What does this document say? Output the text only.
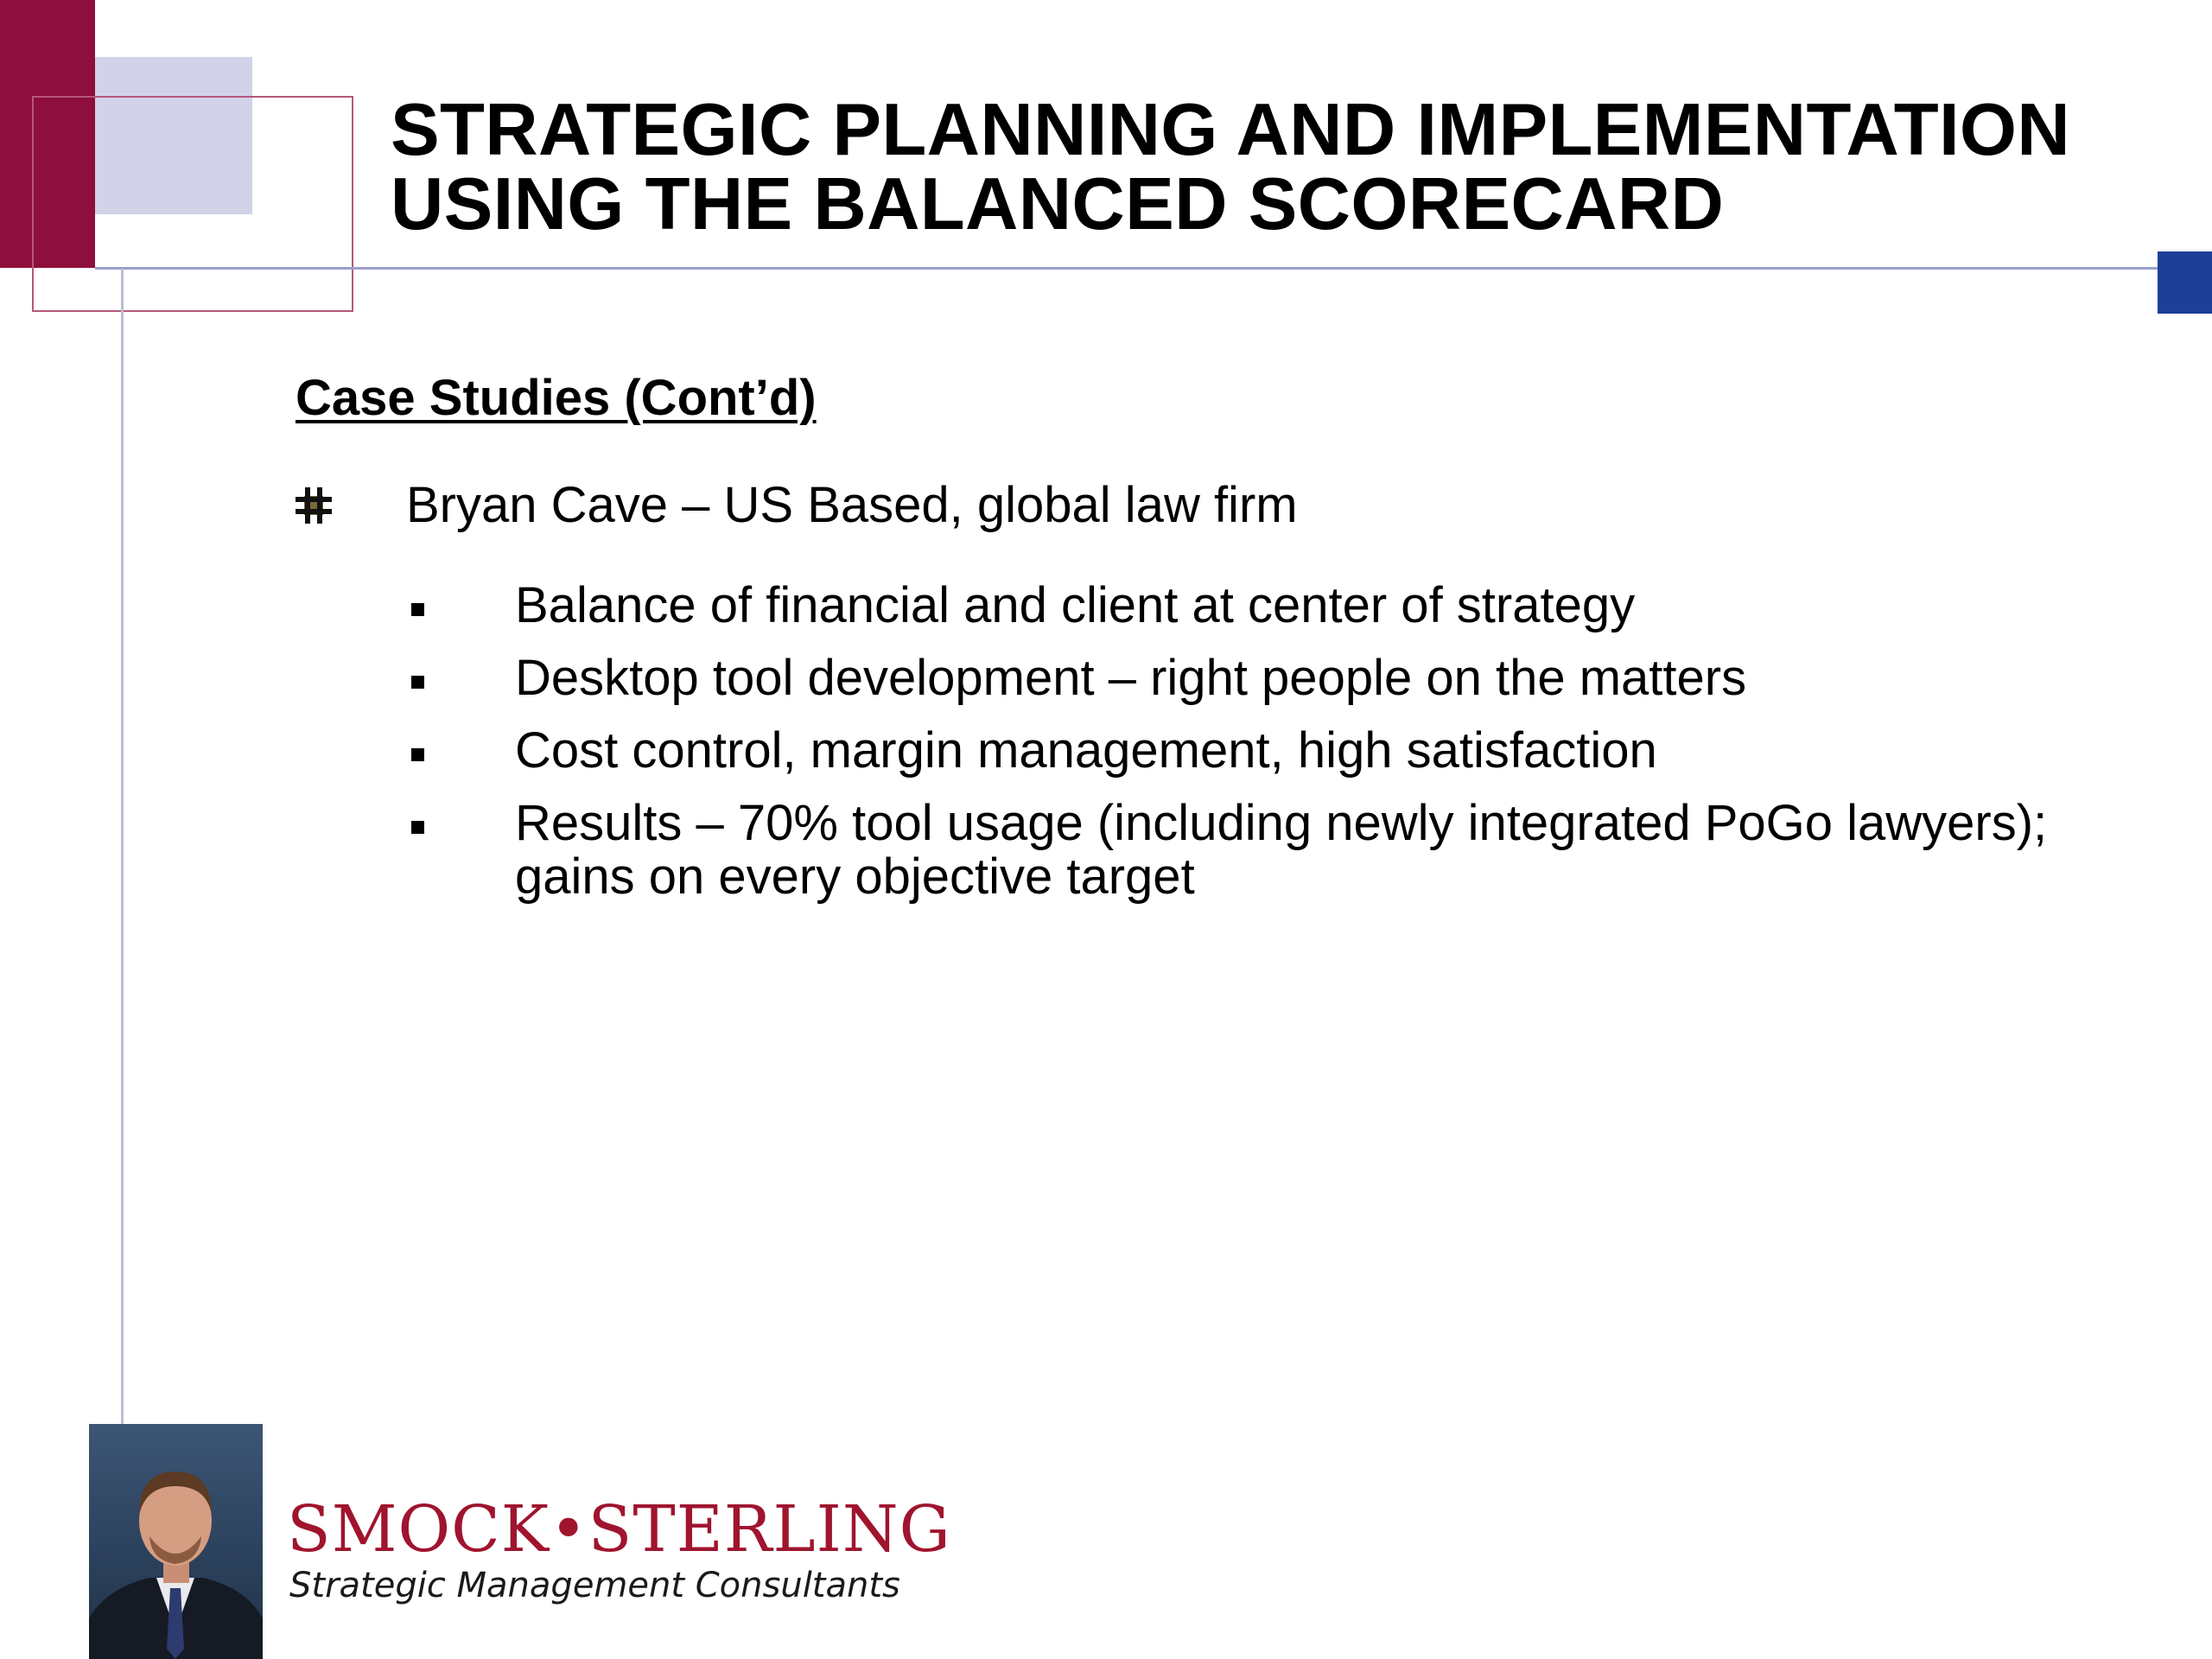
STRATEGIC PLANNING AND IMPLEMENTATION
USING THE BALANCED SCORECARD
Case Studies (Cont’d)
Bryan Cave – US Based, global law firm
Balance of financial and client at center of strategy
Desktop tool development – right people on the matters
Cost control, margin management, high satisfaction
Results – 70% tool usage (including newly integrated PoGo lawyers); gains on every objective target
SMOCK•STERLING
Strategic Management Consultants
